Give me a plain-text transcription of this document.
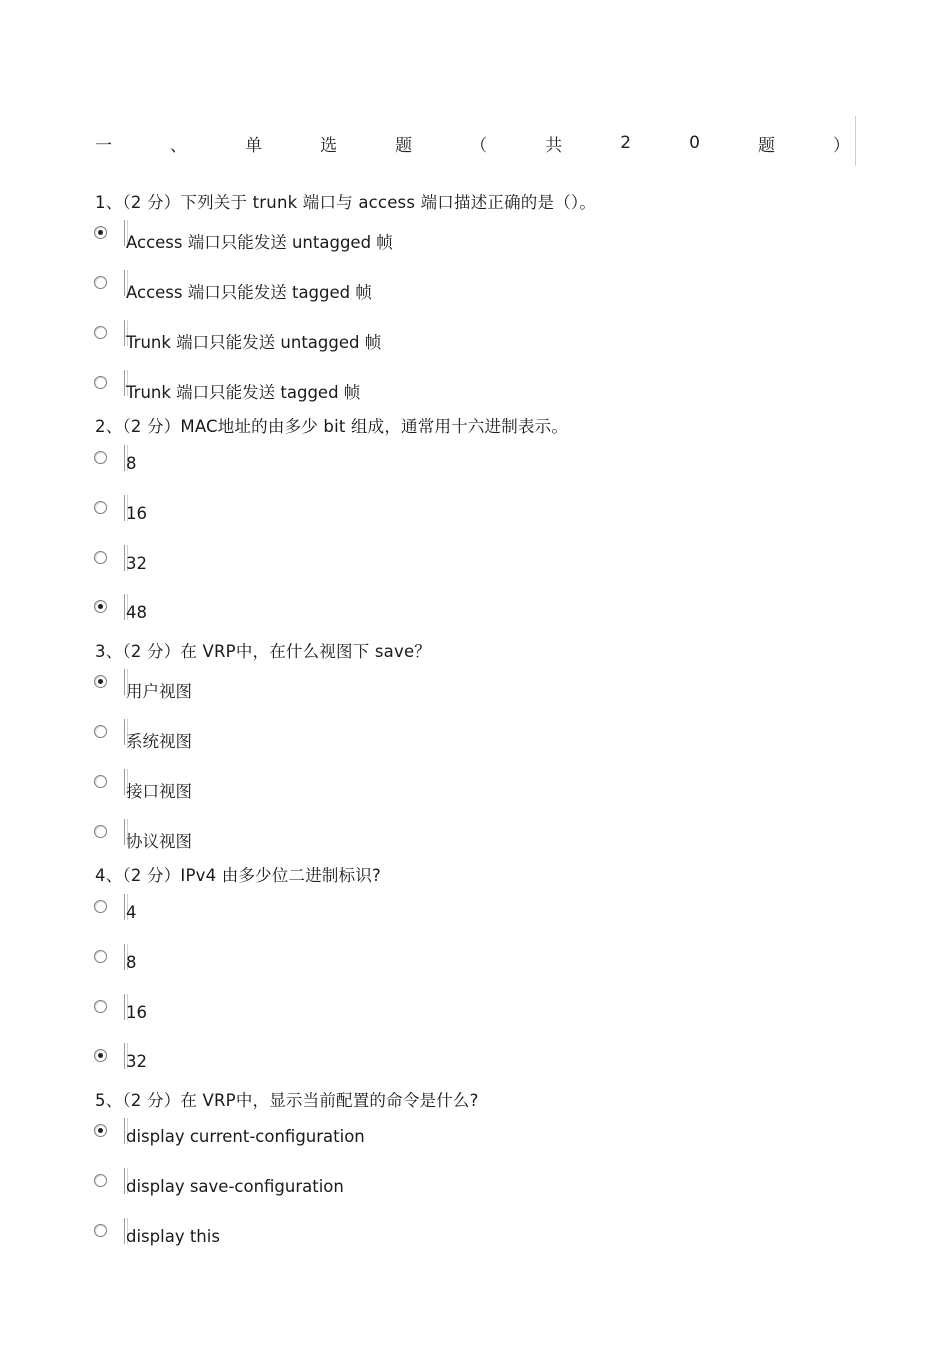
一	、	单	选	题	（	共	2	0	题	）
1、（2 分）下列关于 trunk 端口与 access 端口描述正确的是（）。
Access 端口只能发送 untagged 帧
Access 端口只能发送 tagged 帧
Trunk 端口只能发送 untagged 帧
Trunk 端口只能发送 tagged 帧
2、（2 分）MAC地址的由多少 bit 组成，通常用十六进制表示。
8
16
32
48
3、（2 分）在 VRP中，在什么视图下 save？
用户视图
系统视图
接口视图
协议视图
4、（2 分）IPv4 由多少位二进制标识?
4
8
16
32
5、（2 分）在 VRP中，显示当前配置的命令是什么?
display current-configuration
display save-configuration
display this
